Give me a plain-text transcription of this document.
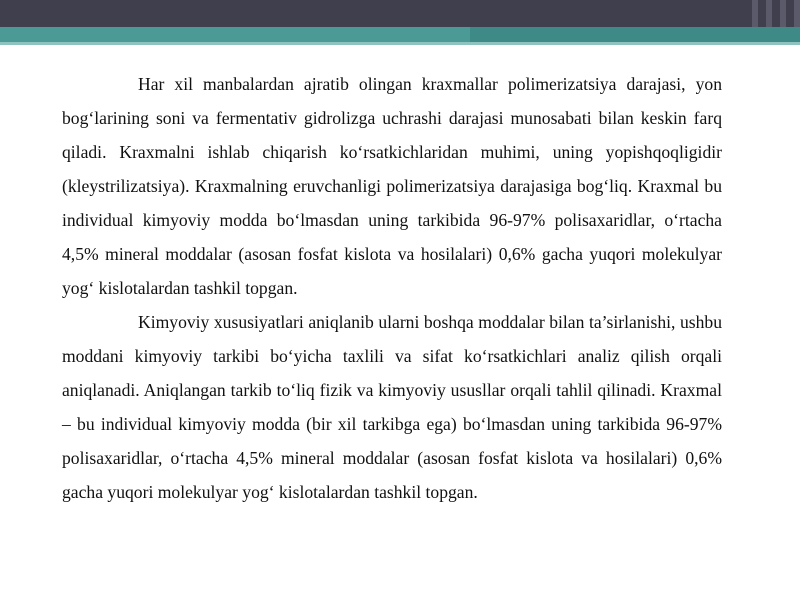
Har xil manbalardan ajratib olingan kraxmallar polimerizatsiya darajasi, yon bog‘larining soni va fermentativ gidrolizga uchrashi darajasi munosabati bilan keskin farq qiladi. Kraxmalni ishlab chiqarish ko‘rsatkichlaridan muhimi, uning yopishqoqligidir (kleystrilizatsiya). Kraxmalning eruvchanligi polimerizatsiya darajasiga bog‘liq. Kraxmal bu individual kimyoviy modda bo‘lmasdan uning tarkibida 96-97% polisaxaridlar, o‘rtacha 4,5% mineral moddalar (asosan fosfat kislota va hosilalari) 0,6% gacha yuqori molekulyar yog‘ kislotalardan tashkil topgan.

Kimyoviy xususiyatlari aniqlanib ularni boshqa moddalar bilan ta’sirlanishi, ushbu moddani kimyoviy tarkibi bo‘yicha taxlili va sifat ko‘rsatkichlari analiz qilish orqali aniqlanadi. Aniqlangan tarkib to‘liq fizik va kimyoviy ususllar orqali tahlil qilinadi. Kraxmal – bu individual kimyoviy modda (bir xil tarkibga ega) bo‘lmasdan uning tarkibida 96-97% polisaxaridlar, o‘rtacha 4,5% mineral moddalar (asosan fosfat kislota va hosilalari) 0,6% gacha yuqori molekulyar yog‘ kislotalardan tashkil topgan.
